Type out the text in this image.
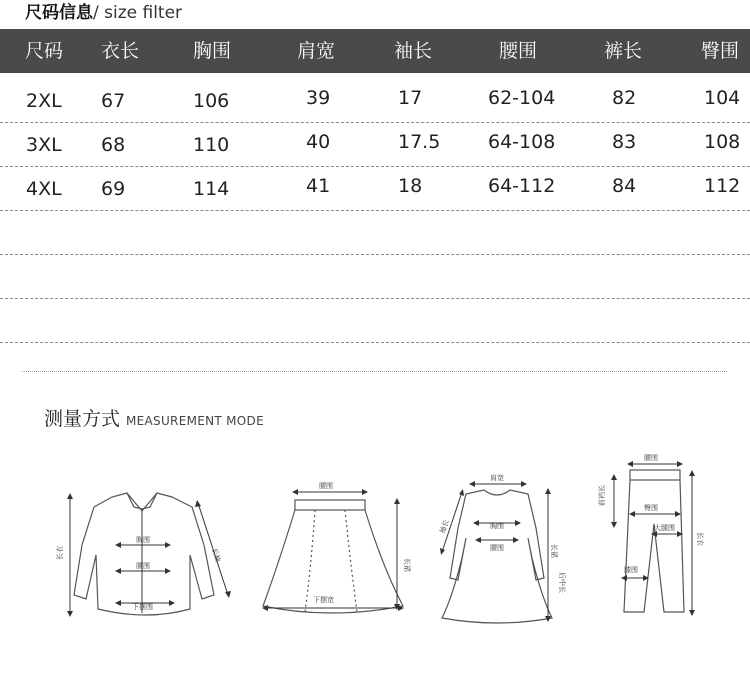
尺码信息/ size filter
尺码 衣长	胸围	肩宽	袖长	腰围	裤长	臀围
2XL 67	106	39	17	62-104	82	104
3XL 68	110	40	17.5	64-108	83	108
4XL 69	114	41	18	64-112	84	112
测量方式 MEASUREMENT MODE
长衣
胸围
腰围
下摆围
长袖
腰围
长裙
下摆宽
肩宽
袖长	胸围
腰围	长裙
后中长
腰围
前裆长
臀围
大腿围
膝围
长衣
